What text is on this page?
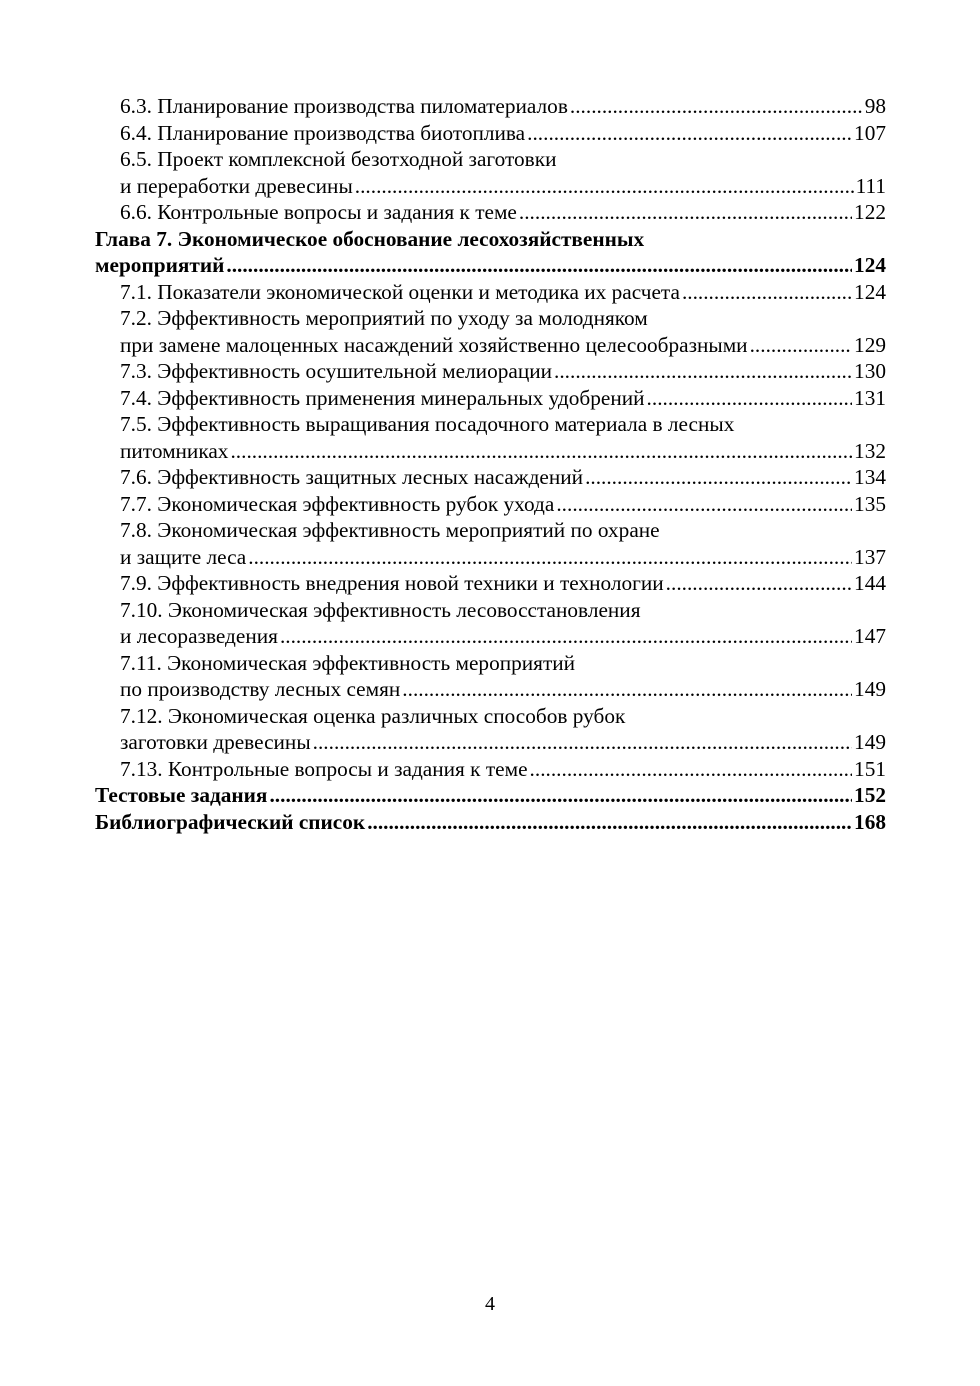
6.3. Планирование производства пиломатериалов .....	98
6.4. Планирование производства биотоплива .....	107
6.5. Проект комплексной безотходной заготовки
и переработки древесины .....	111
6.6. Контрольные вопросы и задания к теме .....	122
Глава 7. Экономическое обоснование лесохозяйственных
мероприятий .....	124
7.1. Показатели экономической оценки и методика их расчета .....	124
7.2. Эффективность мероприятий по уходу за молодняком
при замене малоценных насаждений хозяйственно целесообразными .....	129
7.3. Эффективность осушительной мелиорации .....	130
7.4. Эффективность применения минеральных удобрений .....	131
7.5. Эффективность выращивания посадочного материала в лесных
питомниках .....	132
7.6. Эффективность защитных лесных насаждений .....	134
7.7. Экономическая эффективность рубок ухода .....	135
7.8. Экономическая эффективность мероприятий по охране
и защите леса .....	137
7.9. Эффективность внедрения новой техники и технологии .....	144
7.10. Экономическая эффективность лесовосстановления
и лесоразведения .....	147
7.11. Экономическая эффективность мероприятий
по производству лесных семян .....	149
7.12. Экономическая оценка различных способов рубок
заготовки древесины .....	149
7.13. Контрольные вопросы и задания к теме .....	151
Тестовые задания .....	152
Библиографический список .....	168
4
